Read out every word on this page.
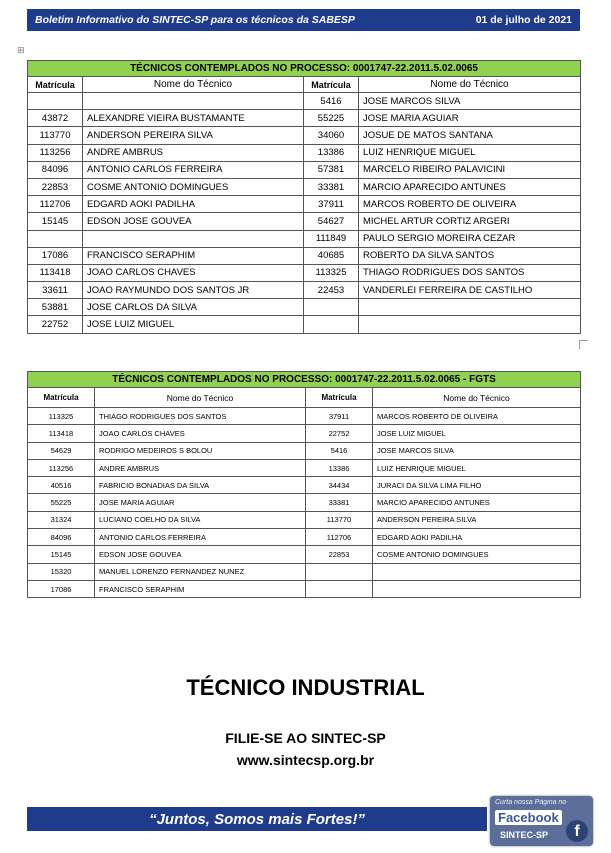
Boletim Informativo do SINTEC-SP para os técnicos da SABESP	01 de julho de 2021
⊞
TÉCNICOS CONTEMPLADOS NO PROCESSO: 0001747-22.2011.5.02.0065			
Matrícula	Nome do Técnico	Matrícula	Nome do Técnico
		5416	JOSE MARCOS SILVA
43872	ALEXANDRE VIEIRA BUSTAMANTE	55225	JOSE MARIA AGUIAR
113770	ANDERSON PEREIRA SILVA	34060	JOSUE DE MATOS SANTANA
113256	ANDRE AMBRUS	13386	LUIZ HENRIQUE MIGUEL
84096	ANTONIO CARLOS FERREIRA	57381	MARCELO RIBEIRO PALAVICINI
22853	COSME ANTONIO DOMINGUES	33381	MARCIO APARECIDO ANTUNES
112706	EDGARD AOKI PADILHA	37911	MARCOS ROBERTO DE OLIVEIRA
15145	EDSON JOSE GOUVEA	54627	MICHEL ARTUR CORTIZ ARGERI
		111849	PAULO SERGIO MOREIRA CEZAR
17086	FRANCISCO SERAPHIM	40685	ROBERTO DA SILVA SANTOS
113418	JOAO CARLOS CHAVES	113325	THIAGO RODRIGUES DOS SANTOS
33611	JOAO RAYMUNDO DOS SANTOS JR	22453	VANDERLEI FERREIRA DE CASTILHO
53881	JOSE CARLOS DA SILVA		
22752	JOSE LUIZ MIGUEL		
TÉCNICOS CONTEMPLADOS NO PROCESSO: 0001747-22.2011.5.02.0065 - FGTS			
Matrícula	Nome do Técnico	Matrícula	Nome do Técnico
113325	THIAGO RODRIGUES DOS SANTOS	37911	MARCOS ROBERTO DE OLIVEIRA
113418	JOAO CARLOS CHAVES	22752	JOSE LUIZ MIGUEL
54629	RODRIGO MEDEIROS S BOLOU	5416	JOSE MARCOS SILVA
113256	ANDRE AMBRUS	13386	LUIZ HENRIQUE MIGUEL
40516	FABRICIO BONADIAS DA SILVA	34434	JURACI DA SILVA LIMA FILHO
55225	JOSE MARIA AGUIAR	33381	MARCIO APARECIDO ANTUNES
31324	LUCIANO COELHO DA SILVA	113770	ANDERSON PEREIRA SILVA
84096	ANTONIO CARLOS FERREIRA	112706	EDGARD AOKI PADILHA
15145	EDSON JOSE GOUVEA	22853	COSME ANTONIO DOMINGUES
15320	MANUEL LORENZO FERNANDEZ NUNEZ		
17086	FRANCISCO SERAPHIM		
TÉCNICO INDUSTRIAL
FILIE-SE AO SINTEC-SP
www.sintecsp.org.br
“Juntos, Somos mais Fortes!”
Curta nossa Página no
Facebook
SINTEC-SP	f
